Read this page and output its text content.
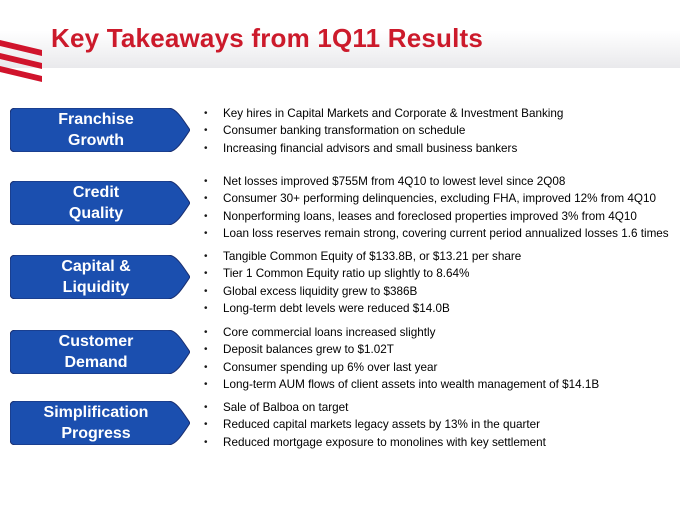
Key Takeaways from 1Q11 Results
Franchise
Growth
• Key hires in Capital Markets and Corporate & Investment Banking
• Consumer banking transformation on schedule
• Increasing financial advisors and small business bankers
Credit
Quality
• Net losses improved $755M from 4Q10 to lowest level since 2Q08
• Consumer 30+ performing delinquencies, excluding FHA, improved 12% from 4Q10
• Nonperforming loans, leases and foreclosed properties improved 3% from 4Q10
• Loan loss reserves remain strong, covering current period annualized losses 1.6 times
Capital &
Liquidity
• Tangible Common Equity of $133.8B, or $13.21 per share
• Tier 1 Common Equity ratio up slightly to 8.64%
• Global excess liquidity grew to $386B
• Long-term debt levels were reduced $14.0B
Customer
Demand
• Core commercial loans increased slightly
• Deposit balances grew to $1.02T
• Consumer spending up 6% over last year
• Long-term AUM flows of client assets into wealth management of $14.1B
Simplification
Progress
• Sale of Balboa on target
• Reduced capital markets legacy assets by 13% in the quarter
• Reduced mortgage exposure to monolines with key settlement
